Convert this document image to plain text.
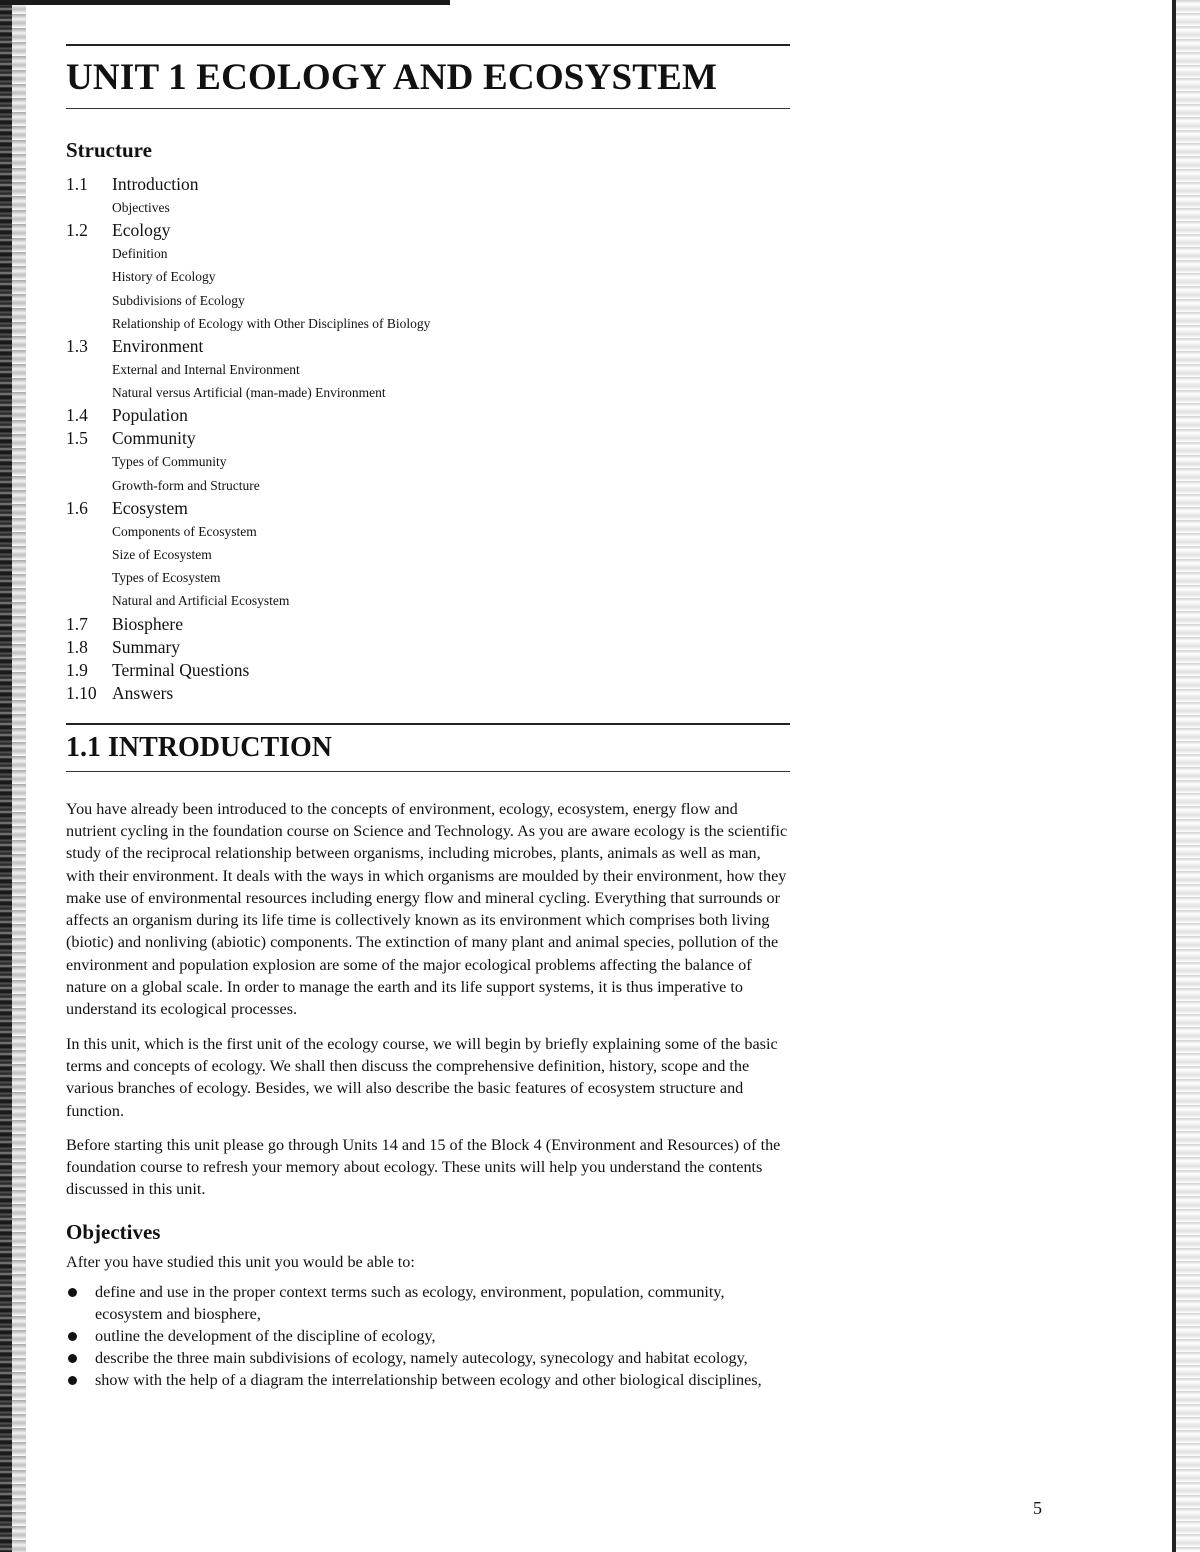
UNIT 1 ECOLOGY AND ECOSYSTEM
Structure
1.1	Introduction
Objectives
1.2	Ecology
Definition
History of Ecology
Subdivisions of Ecology
Relationship of Ecology with Other Disciplines of Biology
1.3	Environment
External and Internal Environment
Natural versus Artificial (man-made) Environment
1.4	Population
1.5	Community
Types of Community
Growth-form and Structure
1.6	Ecosystem
Components of Ecosystem
Size of Ecosystem
Types of Ecosystem
Natural and Artificial Ecosystem
1.7	Biosphere
1.8	Summary
1.9	Terminal Questions
1.10 Answers
1.1 INTRODUCTION

You have already been introduced to the concepts of environment, ecology, ecosystem, energy flow and nutrient cycling in the foundation course on Science and Technology. As you are aware ecology is the scientific study of the reciprocal relationship between organisms, including microbes, plants, animals as well as man, with their environment. It deals with the ways in which organisms are moulded by their environment, how they make use of environmental resources including energy flow and mineral cycling. Everything that surrounds or affects an organism during its life time is collectively known as its environment which comprises both living (biotic) and nonliving (abiotic) components. The extinction of many plant and animal species, pollution of the environment and population explosion are some of the major ecological problems affecting the balance of nature on a global scale. In order to manage the earth and its life support systems, it is thus imperative to understand its ecological processes.

In this unit, which is the first unit of the ecology course, we will begin by briefly explaining some of the basic terms and concepts of ecology. We shall then discuss the comprehensive definition, history, scope and the various branches of ecology. Besides, we will also describe the basic features of ecosystem structure and function.

Before starting this unit please go through Units 14 and 15 of the Block 4 (Environment and Resources) of the foundation course to refresh your memory about ecology. These units will help you understand the contents discussed in this unit.

Objectives

After you have studied this unit you would be able to:

define and use in the proper context terms such as ecology, environment, population, community, ecosystem and biosphere,
outline the development of the discipline of ecology,
describe the three main subdivisions of ecology, namely autecology, synecology and habitat ecology,
show with the help of a diagram the interrelationship between ecology and other biological disciplines,
5
